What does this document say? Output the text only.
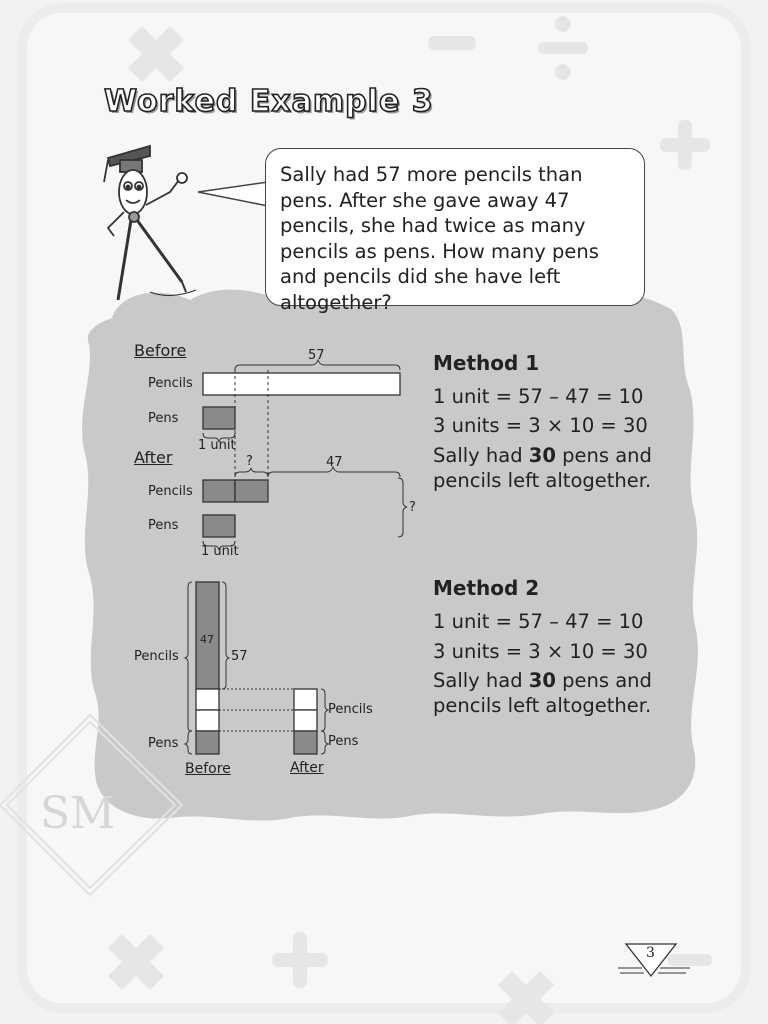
SM
Worked Example 3
Sally had 57 more pencils than pens. After she gave away 47 pencils, she had twice as many pencils as pens. How many pens and pencils did she have left altogether?
Before
Pencils
Pens
57
1 unit
After
Pencils
Pens
?	47
?
1 unit
Pencils
47
57
Pens
Pencils
Pens
Before	After
Method 1
1 unit = 57 – 47 = 10
3 units = 3 × 10 = 30
Sally had 30 pens and
pencils left altogether.
Method 2
1 unit = 57 – 47 = 10
3 units = 3 × 10 = 30
Sally had 30 pens and
pencils left altogether.
3
